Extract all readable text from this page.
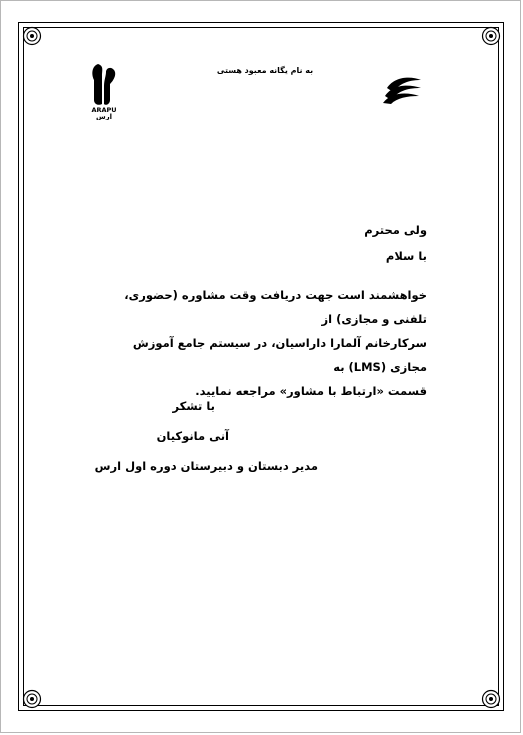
ARAPU
ارس
به نام یگانه معبود هستی
ولی محترم
با سلام
خواهشمند است جهت دریافت وقت مشاوره (حضوری، تلفنی و مجازی) از
سرکارخانم آلمارا داراسیان، در سیستم جامع آموزش مجازی (LMS) به
قسمت «ارتباط با مشاور» مراجعه نمایید.
با تشکر
آنی مانوکیان
مدیر دبستان و دبیرستان دوره اول ارس
